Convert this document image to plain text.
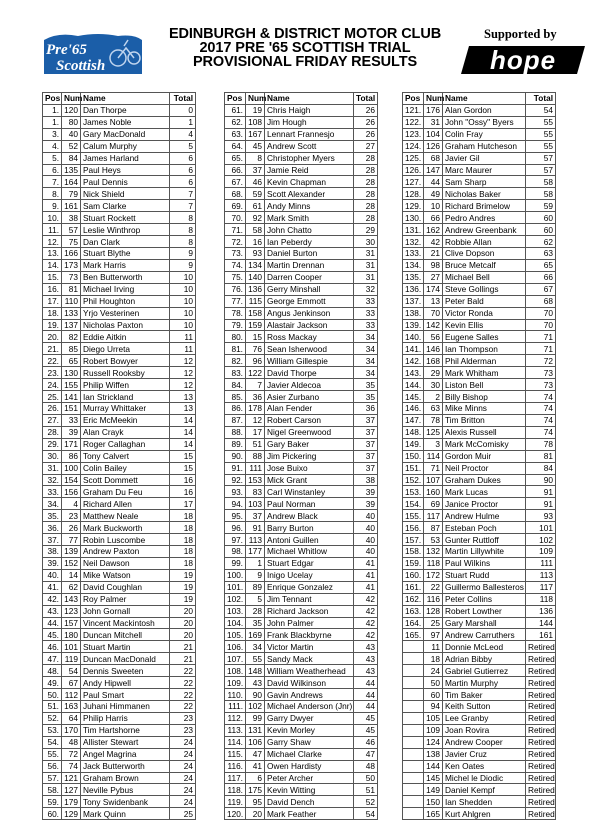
Pre'65
Scottish
EDINBURGH & DISTRICT MOTOR CLUB
2017 PRE '65 SCOTTISH TRIAL
PROVISIONAL FRIDAY RESULTS
Supported by
hope
Pos	Num	Name	Total
1.	120	Dan Thorpe	0
1.	80	James Noble	1
3.	40	Gary MacDonald	4
4.	52	Calum Murphy	5
5.	84	James Harland	6
6.	135	Paul Heys	6
7.	164	Paul Dennis	6
8.	79	Nick Shield	7
9.	161	Sam Clarke	7
10.	38	Stuart Rockett	8
11.	57	Leslie Winthrop	8
12.	75	Dan Clark	8
13.	166	Stuart Blythe	9
14.	173	Mark Harris	9
15.	73	Ben Butterworth	10
16.	81	Michael Irving	10
17.	110	Phil Houghton	10
18.	133	Yrjo Vesterinen	10
19.	137	Nicholas Paxton	10
20.	82	Eddie Aitkin	11
21.	85	Diego Urreta	11
22.	65	Robert Bowyer	12
23.	130	Russell Rooksby	12
24.	155	Philip Wiffen	12
25.	141	Ian Strickland	13
26.	151	Murray Whittaker	13
27.	33	Eric McMeekin	14
28.	39	Alan Crayk	14
29.	171	Roger Callaghan	14
30.	86	Tony Calvert	15
31.	100	Colin Bailey	15
32.	154	Scott Dommett	16
33.	156	Graham Du Feu	16
34.	4	Richard Allen	17
35.	23	Matthew Neale	18
36.	26	Mark Buckworth	18
37.	77	Robin Luscombe	18
38.	139	Andrew Paxton	18
39.	152	Neil Dawson	18
40.	14	Mike Watson	19
41.	62	David Coughlan	19
42.	143	Roy Palmer	19
43.	123	John Gornall	20
44.	157	Vincent Mackintosh	20
45.	180	Duncan Mitchell	20
46.	101	Stuart Martin	21
47.	119	Duncan MacDonald	21
48.	54	Dennis Sweeten	22
49.	67	Andy Hipwell	22
50.	112	Paul Smart	22
51.	163	Juhani Himmanen	22
52.	64	Philip Harris	23
53.	170	Tim Hartshorne	23
54.	48	Allister Stewart	24
55.	72	Angel Magrina	24
56.	74	Jack Butterworth	24
57.	121	Graham Brown	24
58.	127	Neville Pybus	24
59.	179	Tony Swidenbank	24
60.	129	Mark Quinn	25
Pos	Num	Name	Total
61.	19	Chris Haigh	26
62.	108	Jim Hough	26
63.	167	Lennart Frannesjo	26
64.	45	Andrew Scott	27
65.	8	Christopher Myers	28
66.	37	Jamie Reid	28
67.	46	Kevin Chapman	28
68.	59	Scott Alexander	28
69.	61	Andy Minns	28
70.	92	Mark Smith	28
71.	58	John Chatto	29
72.	16	Ian Peberdy	30
73.	93	Daniel Burton	31
74.	134	Martin Drennan	31
75.	140	Darren Cooper	31
76.	136	Gerry Minshall	32
77.	115	George Emmott	33
78.	158	Angus Jenkinson	33
79.	159	Alastair Jackson	33
80.	15	Ross Mackay	34
81.	76	Sean Isherwood	34
82.	96	William Gillespie	34
83.	122	David Thorpe	34
84.	7	Javier Aldecoa	35
85.	36	Asier Zurbano	35
86.	178	Alan Fender	36
87.	12	Robert Carson	37
88.	17	Nigel Greenwood	37
89.	51	Gary Baker	37
90.	88	Jim Pickering	37
91.	111	Jose Buixo	37
92.	153	Mick Grant	38
93.	83	Carl Winstanley	39
94.	103	Paul Norman	39
95.	37	Andrew Black	40
96.	91	Barry Burton	40
97.	113	Antoni Guillen	40
98.	177	Michael Whitlow	40
99.	1	Stuart Edgar	41
100.	9	Inigo Ucelay	41
101.	89	Enrique Gonzalez	41
102.	5	Jim Tennant	42
103.	28	Richard Jackson	42
104.	35	John Palmer	42
105.	169	Frank Blackbyrne	42
106.	34	Victor Martin	43
107.	55	Sandy Mack	43
108.	148	William Weatherhead	43
109.	43	David Wilkinson	44
110.	90	Gavin Andrews	44
111.	102	Michael Anderson (Jnr)	44
112.	99	Garry Dwyer	45
113.	131	Kevin Morley	45
114.	106	Garry Shaw	46
115.	47	Michael Clarke	47
116.	41	Owen Hardisty	48
117.	6	Peter Archer	50
118.	175	Kevin Witting	51
119.	95	David Dench	52
120.	20	Mark Feather	54
Pos	Num	Name	Total
121.	176	Alan Gordon	54
122.	31	John "Ossy" Byers	55
123.	104	Colin Fray	55
124.	126	Graham Hutcheson	55
125.	68	Javier Gil	57
126.	147	Marc Maurer	57
127.	44	Sam Sharp	58
128.	49	Nicholas Baker	58
129.	10	Richard Brimelow	59
130.	66	Pedro Andres	60
131.	162	Andrew Greenbank	60
132.	42	Robbie Allan	62
133.	21	Clive Dopson	63
134.	98	Bruce Metcalf	65
135.	27	Michael Bell	66
136.	174	Steve Gollings	67
137.	13	Peter Bald	68
138.	70	Victor Ronda	70
139.	142	Kevin Ellis	70
140.	56	Eugene Salles	71
141.	146	Ian Thompson	71
142.	168	Phil Alderman	72
143.	29	Mark Whitham	73
144.	30	Liston Bell	73
145.	2	Billy Bishop	74
146.	63	Mike Minns	74
147.	78	Tim Britton	74
148.	125	Alexis Russell	74
149.	3	Mark McComisky	78
150.	114	Gordon Muir	81
151.	71	Neil Proctor	84
152.	107	Graham Dukes	90
153.	160	Mark Lucas	91
154.	69	Janice Proctor	91
155.	117	Andrew Hulme	93
156.	87	Esteban Poch	101
157.	53	Gunter Ruttloff	102
158.	132	Martin Lillywhite	109
159.	118	Paul Wilkins	111
160.	172	Stuart Rudd	113
161.	22	Guillermo Ballesteros	117
162.	116	Peter Collins	118
163.	128	Robert Lowther	136
164.	25	Gary Marshall	144
165.	97	Andrew Carruthers	161
	11	Donnie McLeod	Retired
	18	Adrian Bibby	Retired
	24	Gabriel Gutierrez	Retired
	50	Martin Murphy	Retired
	60	Tim Baker	Retired
	94	Keith Sutton	Retired
	105	Lee Granby	Retired
	109	Joan Rovira	Retired
	124	Andrew Cooper	Retired
	138	Javier Cruz	Retired
	144	Ken Oates	Retired
	145	Michel le Diodic	Retired
	149	Daniel Kempf	Retired
	150	Ian Shedden	Retired
	165	Kurt Ahlgren	Retired
